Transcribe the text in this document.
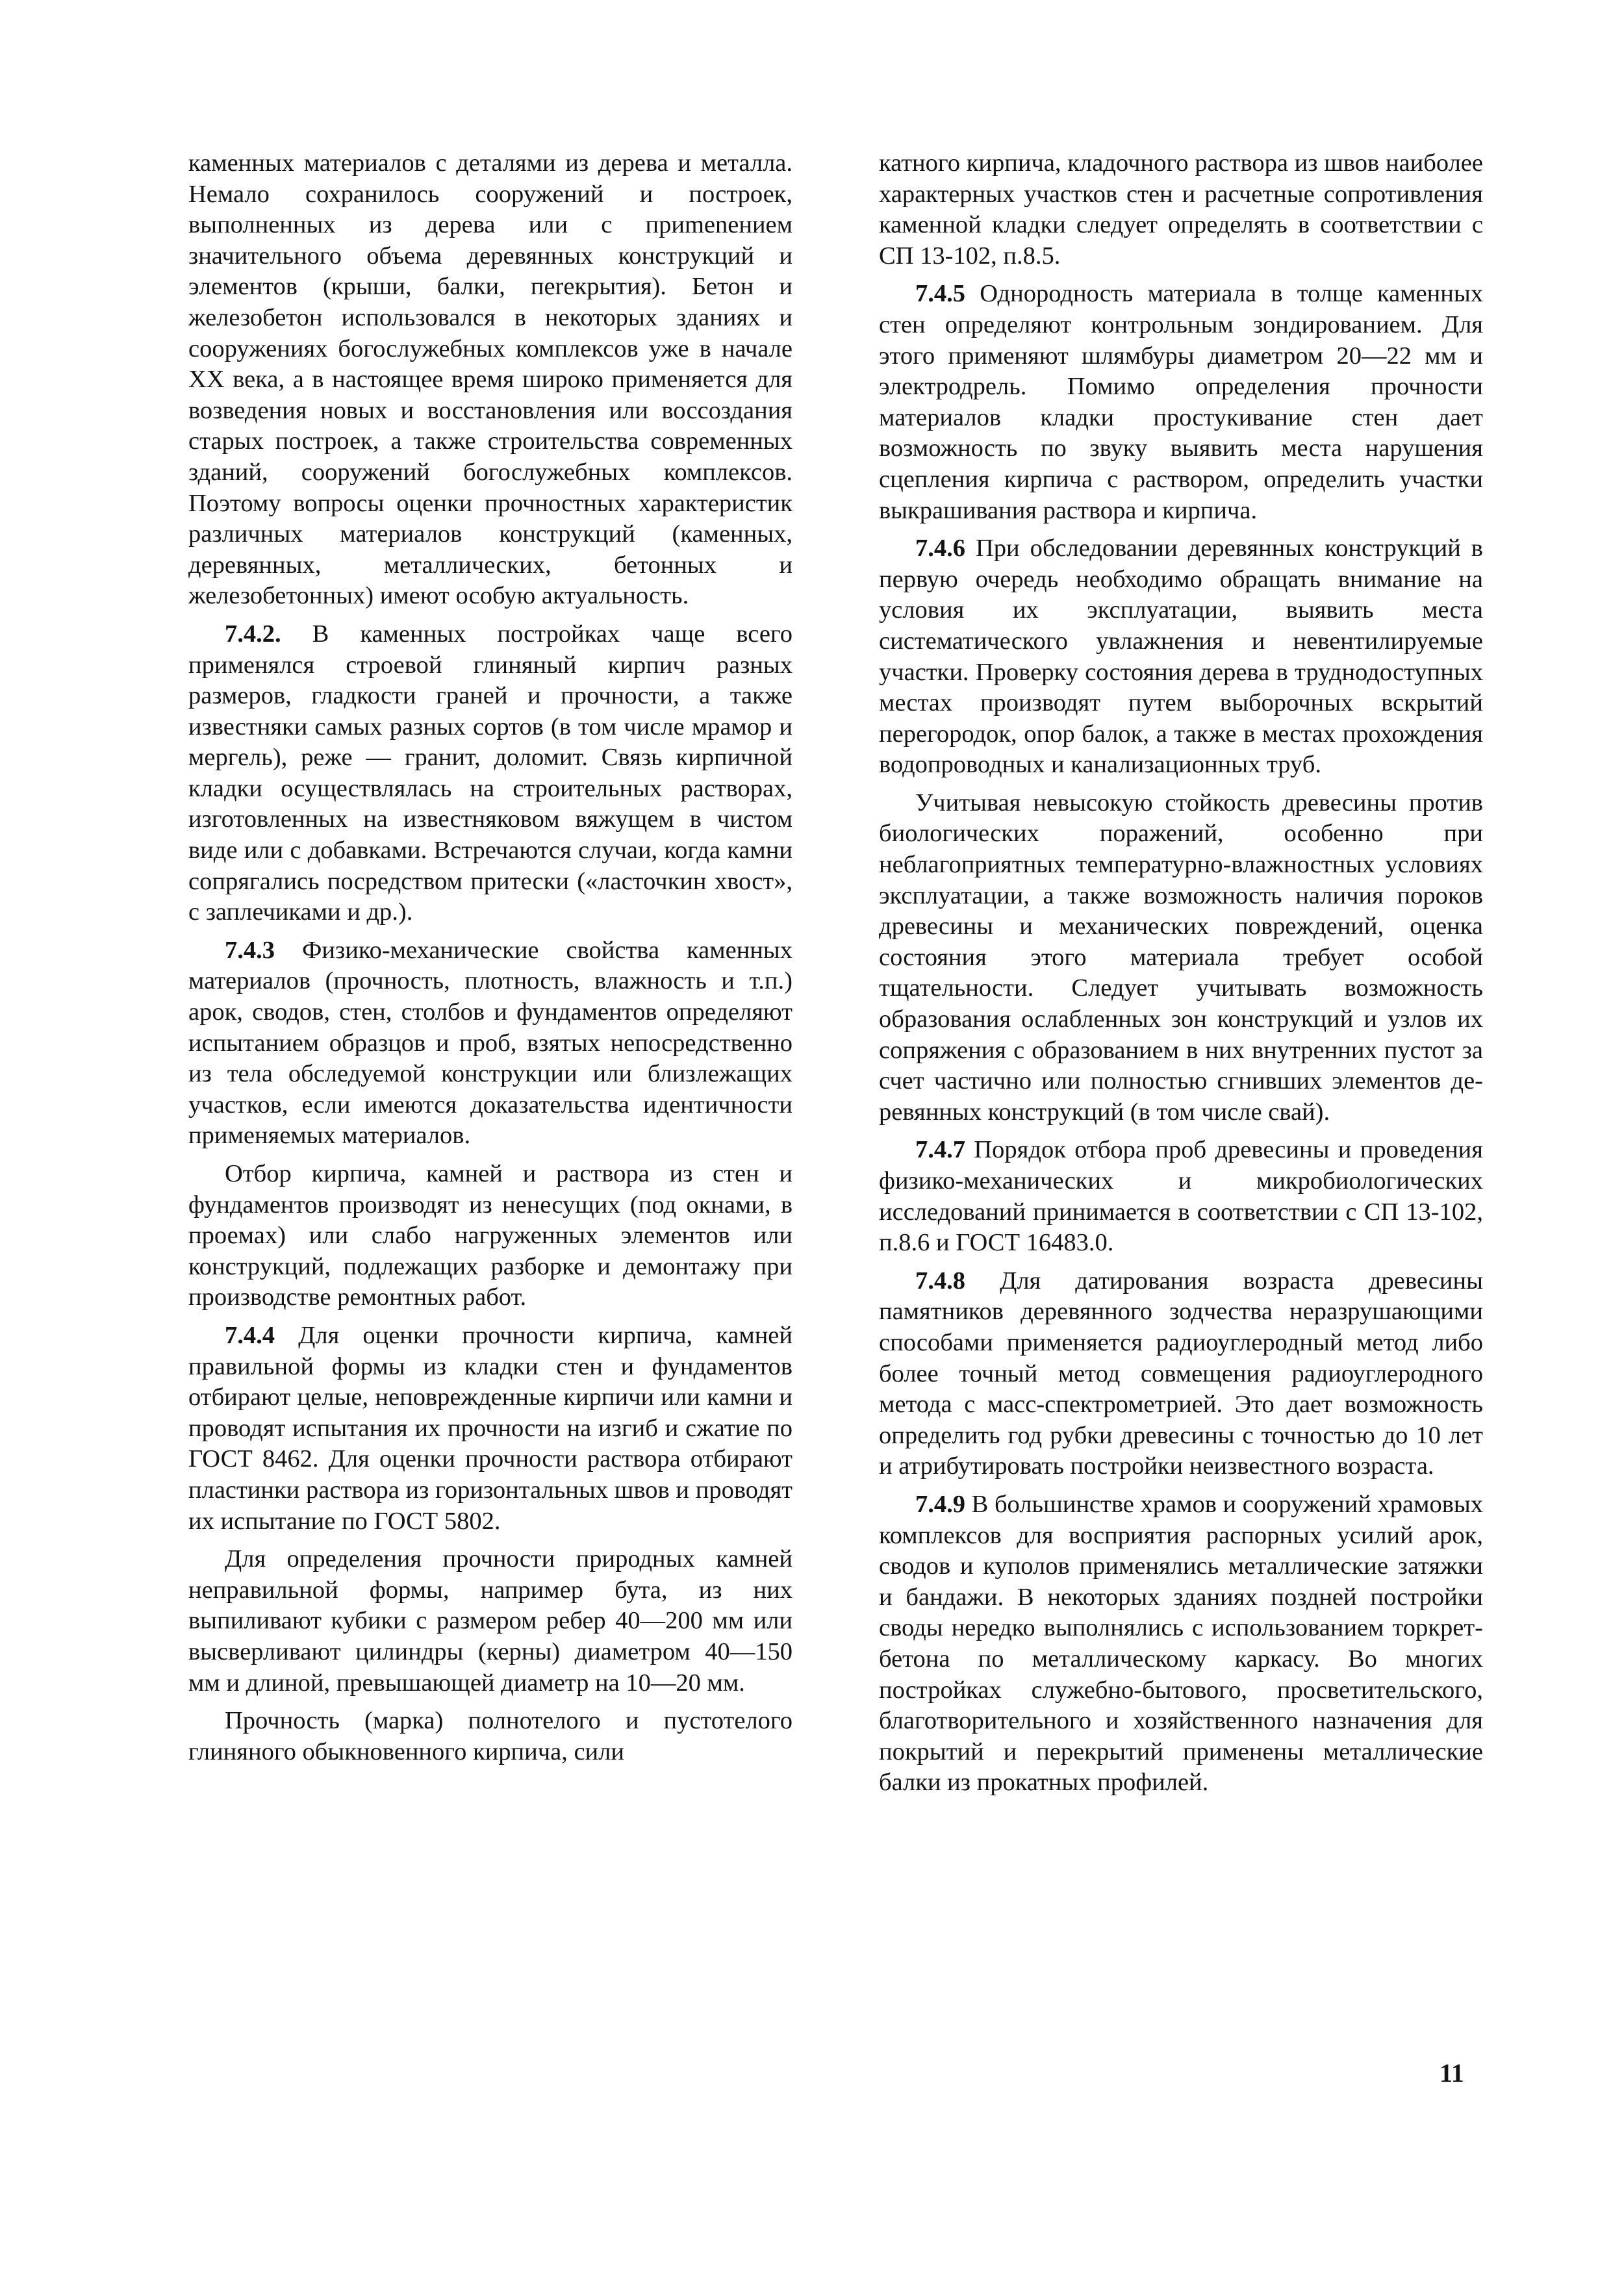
каменных материалов с деталями из дерева и металла. Немало сохранилось сооружений и построек, выполненных из дерева или с приmenением значительного объема деревянных конструкций и элементов (крыши, балки, пеrекрытия). Бетон и железобетон использовался в некоторых зданиях и сооружениях богослужебных комплексов уже в начале XX века, а в настоящее время широко применяется для возведения новых и восстановления или воссоздания старых построек, а также строительства современных зданий, сооружений богослужебных комплексов. Поэтому вопросы оценки прочностных характеристик различных материалов конструкций (каменных, деревянных, металлических, бетонных и железобетонных) имеют особую актуальность.

7.4.2. В каменных постройках чаще всего применялся строевой глиняный кирпич разных размеров, гладкости граней и прочности, а также известняки самых разных сортов (в том числе мрамор и мергель), реже — гранит, доломит. Связь кирпичной кладки осуществлялась на строительных растворах, изготовленных на известняковом вяжущем в чистом виде или с добавками. Встречаются случаи, когда камни сопрягались посредством притески («ласточкин хвост», с заплечиками и др.).

7.4.3 Физико-механические свойства каменных материалов (прочность, плотность, влажность и т.п.) арок, сводов, стен, столбов и фундаментов определяют испытанием образцов и проб, взятых непосредственно из тела обследуемой конструкции или близлежащих участков, если имеются доказательства идентичности применяемых материалов.

Отбор кирпича, камней и раствора из стен и фундаментов производят из ненесущих (под окнами, в проемах) или слабо нагруженных элементов или конструкций, подлежащих разборке и демонтажу при производстве ремонтных работ.

7.4.4 Для оценки прочности кирпича, камней правильной формы из кладки стен и фундаментов отбирают целые, неповрежденные кирпичи или камни и проводят испытания их прочности на изгиб и сжатие по ГОСТ 8462. Для оценки прочности раствора отбирают пластинки раствора из горизонтальных швов и проводят их испытание по ГОСТ 5802.

Для определения прочности природных камней неправильной формы, например бута, из них выпиливают кубики с размером ребер 40—200 мм или высверливают цилиндры (керны) диаметром 40—150 мм и длиной, превышающей диаметр на 10—20 мм.

Прочность (марка) полнотелого и пустотелого глиняного обыкновенного кирпича, сили

катного кирпича, кладочного раствора из швов наиболее характерных участков стен и расчетные сопротивления каменной кладки следует определять в соответствии с СП 13-102, п.8.5.

7.4.5 Однородность материала в толще каменных стен определяют контрольным зондированием. Для этого применяют шлямбуры диаметром 20—22 мм и электродрель. Помимо определения прочности материалов кладки простукивание стен дает возможность по звуку выявить места нарушения сцепления кирпича с раствором, определить участки выкрашивания раствора и кирпича.

7.4.6 При обследовании деревянных конструкций в первую очередь необходимо обращать внимание на условия их эксплуатации, выявить места систематического увлажнения и невентилируемые участки. Проверку состояния дерева в труднодоступных местах производят путем выборочных вскрытий перегородок, опор балок, а также в местах прохождения водопроводных и канализационных труб.

Учитывая невысокую стойкость древесины против биологических поражений, особенно при неблагоприятных температурно-влажностных условиях эксплуатации, а также возможность наличия пороков древесины и механических повреждений, оценка состояния этого материала требует особой тщательности. Следует учитывать возможность образования ослабленных зон конструкций и узлов их сопряжения с образованием в них внутренних пустот за счет частично или полностью сгнивших элементов деревянных конструкций (в том числе свай).

7.4.7 Порядок отбора проб древесины и проведения физико-механических и микробиологических исследований принимается в соответствии с СП 13-102, п.8.6 и ГОСТ 16483.0.

7.4.8 Для датирования возраста древесины памятников деревянного зодчества неразрушающими способами применяется радиоуглеродный метод либо более точный метод совмещения радиоуглеродного метода с масс-спектрометрией. Это дает возможность определить год рубки древесины с точностью до 10 лет и атрибутировать постройки неизвестного возраста.

7.4.9 В большинстве храмов и сооружений храмовых комплексов для восприятия распорных усилий арок, сводов и куполов применялись металлические затяжки и бандажи. В некоторых зданиях поздней постройки своды нередко выполнялись с использованием торкретбетона по металлическому каркасу. Во многих постройках служебно-бытового, просветительского, благотворительного и хозяйственного назначения для покрытий и перекрытий применены металлические балки из прокатных профилей.

11
